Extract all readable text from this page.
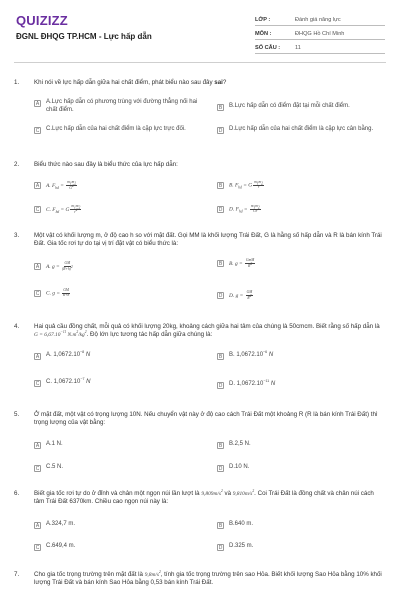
QUIZIZZ
ĐGNL ĐHQG TP.HCM - Lực hấp dẫn
LỚP :	Đánh giá năng lực
MÔN :	ĐHQG Hồ Chí Minh
SỐ CÂU :	11
1. Khi nói về lực hấp dẫn giữa hai chất điểm, phát biểu nào sau đây sai?
A	A.Lực hấp dẫn có phương trùng với đường thẳng nối hai chất điểm.	B	B.Lực hấp dẫn có điểm đặt tại mỗi chất điểm.
C C.Lực hấp dẫn của hai chất điểm là cặp lực trực đối.	D D.Lực hấp dẫn của hai chất điểm là cặp lực cân bằng.
2. Biểu thức nào sau đây là biểu thức của lực hấp dẫn:
A	A. $F_{hd} = \frac{m_1m_2}{G^2}$	B	B. $F_{hd} = G \frac{m_1m_2}{r}$
C	C. $F_{hd} = G \frac{m_1m_2}{r^2}$	D	D. $F_{hd} = \frac{m_1m_2}{Gr}$
3. Một vật có khối lượng m, ở độ cao h so với mặt đất. Gọi MM là khối lượng Trái Đất, G là hằng số hấp dẫn và R là bán kính Trái Đất. Gia tốc rơi tự do tại vị trí đặt vật có biểu thức là:
A	A. $g = \frac{GM}{(R+h)^2}$	B	B. $g = \frac{\text{GmM}}{R^2}$
C	C. $g = \frac{GM}{R+h}$	D	D. $g = \frac{GM}{R^2}$
4. Hai quả cầu đồng chất, mỗi quả có khối lượng 20kg, khoảng cách giữa hai tâm của chúng là 50cmcm. Biết rằng số hấp dẫn là $G = 6,67.10^{-11}$ $N.m^2/kg^2$. Độ lớn lực tương tác hấp dẫn giữa chúng là:
A	A. $1,0672.10^{-8}$ N	B	B. $1,0672.10^{-6}$ N
C C. $1,0672.10^{-7}$ N
D D. $1,0672.10^{-11}$ N
5. Ở mặt đất, một vật có trọng lượng 10N. Nếu chuyển vật này ở độ cao cách Trái Đất một khoảng R (R là bán kính Trái Đất) thì trọng lượng của vật bằng:
A	A.1 N.	B	B.2,5 N.
C C.5 N.	D D.10 N.
6. Biết gia tốc rơi tự do ở đỉnh và chân một ngọn núi lần lượt là $9,809m/s^2$ và $9,810m/s^2$. Coi Trái Đất là đồng chất và chân núi cách tâm Trái Đất 6370km. Chiều cao ngọn núi này là:
A	A.324,7 m.	B	B.640 m.
C C.649,4 m.	D D.325 m.
7. Cho gia tốc trọng trường trên mặt đất là $9,8m/s^2$, tính gia tốc trọng trường trên sao Hỏa. Biết khối lượng Sao Hỏa bằng 10% khối lượng Trái Đất và bán kính Sao Hỏa bằng 0,53 bán kính Trái Đất.
